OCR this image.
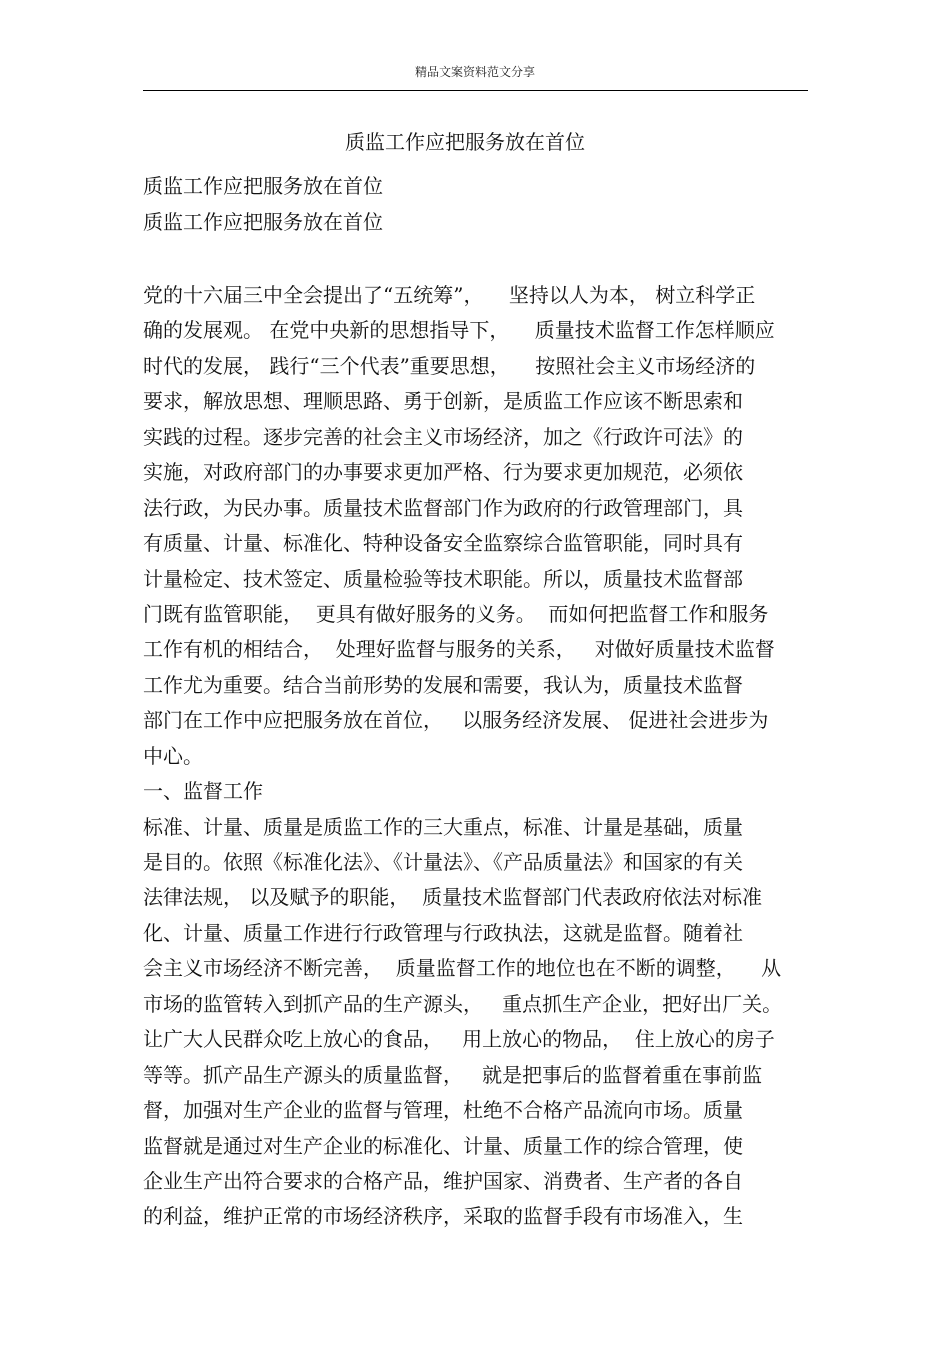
精品文案资料范文分享
质监工作应把服务放在首位
质监工作应把服务放在首位
质监工作应把服务放在首位
党的十六届三中全会提出了“五统筹”，    坚持以人为本， 树立科学正
确的发展观。 在党中央新的思想指导下，    质量技术监督工作怎样顺应
时代的发展， 践行“三个代表”重要思想，    按照社会主义市场经济的
要求，解放思想、理顺思路、勇于创新，是质监工作应该不断思索和
实践的过程。逐步完善的社会主义市场经济，加之《行政许可法》的
实施，对政府部门的办事要求更加严格、行为要求更加规范，必须依
法行政，为民办事。质量技术监督部门作为政府的行政管理部门，具
有质量、计量、标准化、特种设备安全监察综合监管职能，同时具有
计量检定、技术签定、质量检验等技术职能。所以，质量技术监督部
门既有监管职能，  更具有做好服务的义务。  而如何把监督工作和服务
工作有机的相结合，  处理好监督与服务的关系，   对做好质量技术监督
工作尤为重要。结合当前形势的发展和需要，我认为，质量技术监督
部门在工作中应把服务放在首位，   以服务经济发展、 促进社会进步为
中心。
一、监督工作
标准、计量、质量是质监工作的三大重点，标准、计量是基础，质量
是目的。依照《标准化法》、《计量法》、《产品质量法》和国家的有关
法律法规， 以及赋予的职能，  质量技术监督部门代表政府依法对标准
化、计量、质量工作进行行政管理与行政执法，这就是监督。随着社
会主义市场经济不断完善，  质量监督工作的地位也在不断的调整，    从
市场的监管转入到抓产品的生产源头，   重点抓生产企业，把好出厂关。
让广大人民群众吃上放心的食品，   用上放心的物品，  住上放心的房子
等等。抓产品生产源头的质量监督，   就是把事后的监督着重在事前监
督，加强对生产企业的监督与管理，杜绝不合格产品流向市场。质量
监督就是通过对生产企业的标准化、计量、质量工作的综合管理，使
企业生产出符合要求的合格产品，维护国家、消费者、生产者的各自
的利益，维护正常的市场经济秩序，采取的监督手段有市场准入，生
